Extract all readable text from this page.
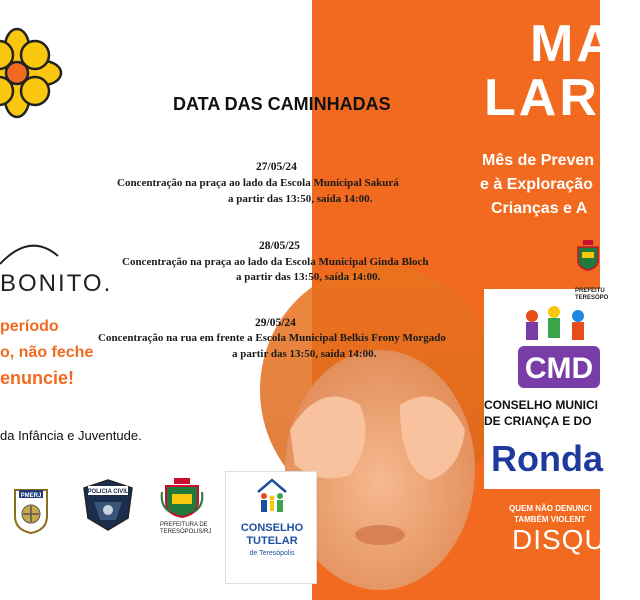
BONITO.
período
o, não feche
enuncie!
da Infância e Juventude.
DATA DAS CAMINHADAS
27/05/24
Concentração na praça ao lado da Escola Municipal Sakurá
a partir das 13:50, saída 14:00.
28/05/25
Concentração na praça ao lado da Escola Municipal Ginda Bloch
a partir das 13:50, saída 14:00.
29/05/24
Concentração na rua em frente a Escola Municipal Belkis Frony Morgado
a partir das 13:50, saída 14:00.
PMERJ
POLICIA CIVIL
PREFEITURA DE
TERESÓPOLIS/RJ	CONSELHO
TUTELAR
de Teresópolis
MA
LARA
Mês de Preven
e à Exploração
Crianças e A
CMD
PREFEITU
TERESÓPO
CONSELHO MUNICI
DE CRIANÇA E DO
Ronda
QUEM NÃO DENUNCI
TAMBÉM VIOLENT
DISQU
